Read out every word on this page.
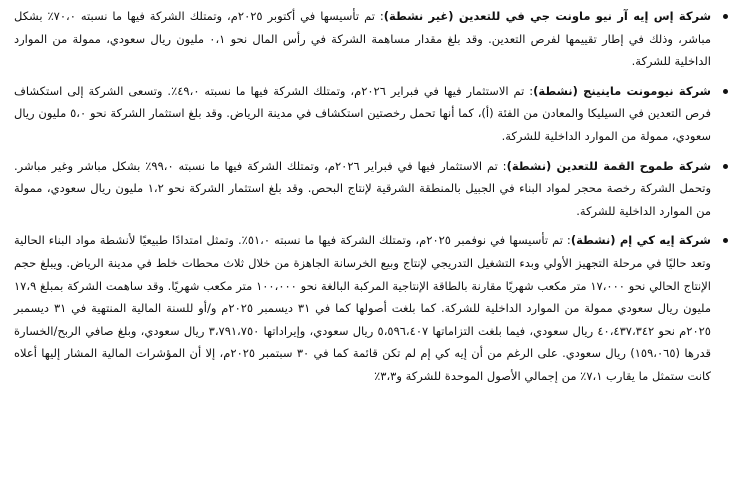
شركة إس إيه آر نيو ماونت جي في للتعدين (غير نشطة): تم تأسيسها في أكتوبر ٢٠٢٥م، وتمتلك الشركة فيها ما نسبته ٧٠،٠٪ بشكل مباشر، وذلك في إطار تقييمها لفرص التعدين. وقد بلغ مقدار مساهمة الشركة في رأس المال نحو ٠،١ مليون ريال سعودي، ممولة من الموارد الداخلية للشركة.
شركة نيومونت ماينينج (نشطة): تم الاستثمار فيها في فبراير ٢٠٢٦م، وتمتلك الشركة فيها ما نسبته ٤٩،٠٪. وتسعى الشركة إلى استكشاف فرص التعدين في السيليكا والمعادن من الفئة (أ)، كما أنها تحمل رخصتين استكشاف في مدينة الرياض. وقد بلغ استثمار الشركة نحو ٥،٠ مليون ريال سعودي، ممولة من الموارد الداخلية للشركة.
شركة طموح القمة للتعدين (نشطة): تم الاستثمار فيها في فبراير ٢٠٢٦م، وتمتلك الشركة فيها ما نسبته ٩٩،٠٪ بشكل مباشر وغير مباشر. وتحمل الشركة رخصة محجر لمواد البناء في الجبيل بالمنطقة الشرقية لإنتاج البحص. وقد بلغ استثمار الشركة نحو ١،٢ مليون ريال سعودي، ممولة من الموارد الداخلية للشركة.
شركة إيه كي إم (نشطة): تم تأسيسها في نوفمبر ٢٠٢٥م، وتمتلك الشركة فيها ما نسبته ٥١،٠٪. وتمثل امتدادًا طبيعيًا لأنشطة مواد البناء الحالية وتعد حاليًا في مرحلة التجهيز الأولي وبدء التشغيل التدريجي لإنتاج وبيع الخرسانة الجاهزة من خلال ثلاث محطات خلط في مدينة الرياض. ويبلغ حجم الإنتاج الحالي نحو ١٧،٠٠٠ متر مكعب شهريًا مقارنة بالطاقة الإنتاجية المركبة البالغة نحو ١٠٠،٠٠٠ متر مكعب شهريًا. وقد ساهمت الشركة بمبلغ ١٧،٩ مليون ريال سعودي ممولة من الموارد الداخلية للشركة. كما بلغت أصولها كما في ٣١ ديسمبر ٢٠٢٥م و/أو للسنة المالية المنتهية في ٣١ ديسمبر ٢٠٢٥م نحو ٤٠،٤٣٧،٣٤٢ ريال سعودي، فيما بلغت التزاماتها ٥،٥٩٦،٤٠٧ ريال سعودي، وإيراداتها ٣،٧٩١،٧٥٠ ريال سعودي، وبلغ صافي الربح/الخسارة قدرها (١٥٩،٠٦٥) ريال سعودي. على الرغم من أن إيه كي إم لم تكن قائمة كما في ٣٠ سبتمبر ٢٠٢٥م، إلا أن المؤشرات المالية المشار إليها أعلاه كانت ستمثل ما يقارب ٧،١٪ من إجمالي الأصول الموحدة للشركة و٣،٣٪
